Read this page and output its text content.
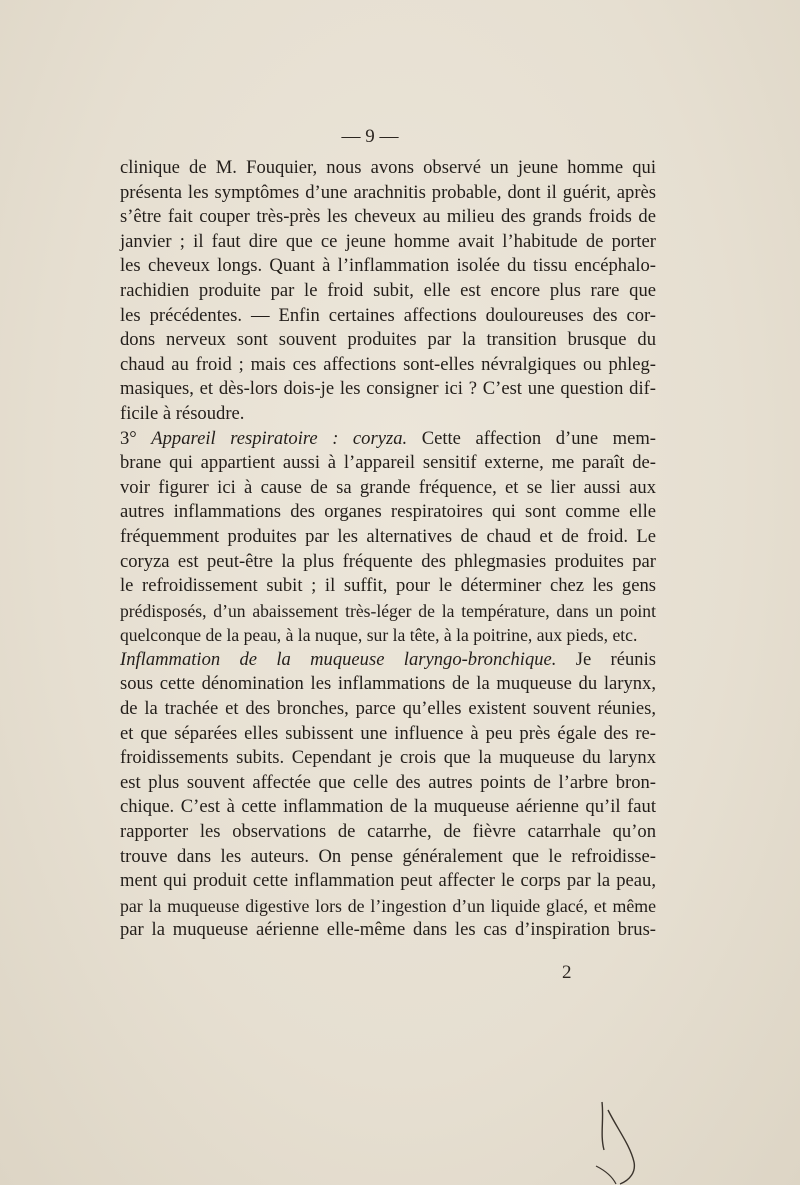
— 9 —
clinique de M. Fouquier, nous avons observé un jeune homme qui
présenta les symptômes d’une arachnitis probable, dont il guérit, après
s’être fait couper très-près les cheveux au milieu des grands froids de
janvier ; il faut dire que ce jeune homme avait l’habitude de porter
les cheveux longs. Quant à l’inflammation isolée du tissu encéphalo-
rachidien produite par le froid subit, elle est encore plus rare que
les précédentes. — Enfin certaines affections douloureuses des cor-
dons nerveux sont souvent produites par la transition brusque du
chaud au froid ; mais ces affections sont-elles névralgiques ou phleg-
masiques, et dès-lors dois-je les consigner ici ? C’est une question dif-
ficile à résoudre.
3° Appareil respiratoire : coryza. Cette affection d’une mem-
brane qui appartient aussi à l’appareil sensitif externe, me paraît de-
voir figurer ici à cause de sa grande fréquence, et se lier aussi aux
autres inflammations des organes respiratoires qui sont comme elle
fréquemment produites par les alternatives de chaud et de froid. Le
coryza est peut-être la plus fréquente des phlegmasies produites par
le refroidissement subit ; il suffit, pour le déterminer chez les gens
prédisposés, d’un abaissement très-léger de la température, dans un point
quelconque de la peau, à la nuque, sur la tête, à la poitrine, aux pieds, etc.
Inflammation de la muqueuse laryngo-bronchique. Je réunis
sous cette dénomination les inflammations de la muqueuse du larynx,
de la trachée et des bronches, parce qu’elles existent souvent réunies,
et que séparées elles subissent une influence à peu près égale des re-
froidissements subits. Cependant je crois que la muqueuse du larynx
est plus souvent affectée que celle des autres points de l’arbre bron-
chique. C’est à cette inflammation de la muqueuse aérienne qu’il faut
rapporter les observations de catarrhe, de fièvre catarrhale qu’on
trouve dans les auteurs. On pense généralement que le refroidisse-
ment qui produit cette inflammation peut affecter le corps par la peau,
par la muqueuse digestive lors de l’ingestion d’un liquide glacé, et même
par la muqueuse aérienne elle-même dans les cas d’inspiration brus-
2
